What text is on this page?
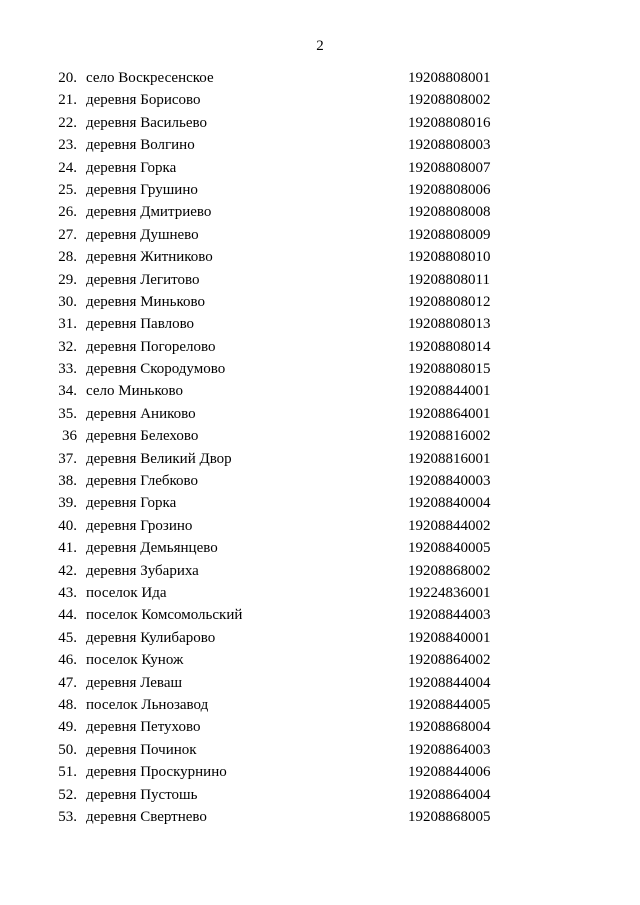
2
20. село Воскресенское	19208808001
21. деревня Борисово	19208808002
22. деревня Васильево	19208808016
23. деревня Волгино	19208808003
24. деревня Горка	19208808007
25. деревня Грушино	19208808006
26. деревня Дмитриево	19208808008
27. деревня Душнево	19208808009
28. деревня Житниково	19208808010
29. деревня Легитово	19208808011
30. деревня Миньково	19208808012
31. деревня Павлово	19208808013
32. деревня Погорелово	19208808014
33. деревня Скородумово	19208808015
34. село Миньково	19208844001
35. деревня Аниково	19208864001
36 деревня Белехово	19208816002
37. деревня Великий Двор	19208816001
38. деревня Глебково	19208840003
39. деревня Горка	19208840004
40. деревня Грозино	19208844002
41. деревня Демьянцево	19208840005
42. деревня Зубариха	19208868002
43. поселок Ида	19224836001
44. поселок Комсомольский	19208844003
45. деревня Кулибарово	19208840001
46. поселок Кунож	19208864002
47. деревня Леваш	19208844004
48. поселок Льнозавод	19208844005
49. деревня Петухово	19208868004
50. деревня Починок	19208864003
51. деревня Проскурнино	19208844006
52. деревня Пустошь	19208864004
53. деревня Свертнево	19208868005
